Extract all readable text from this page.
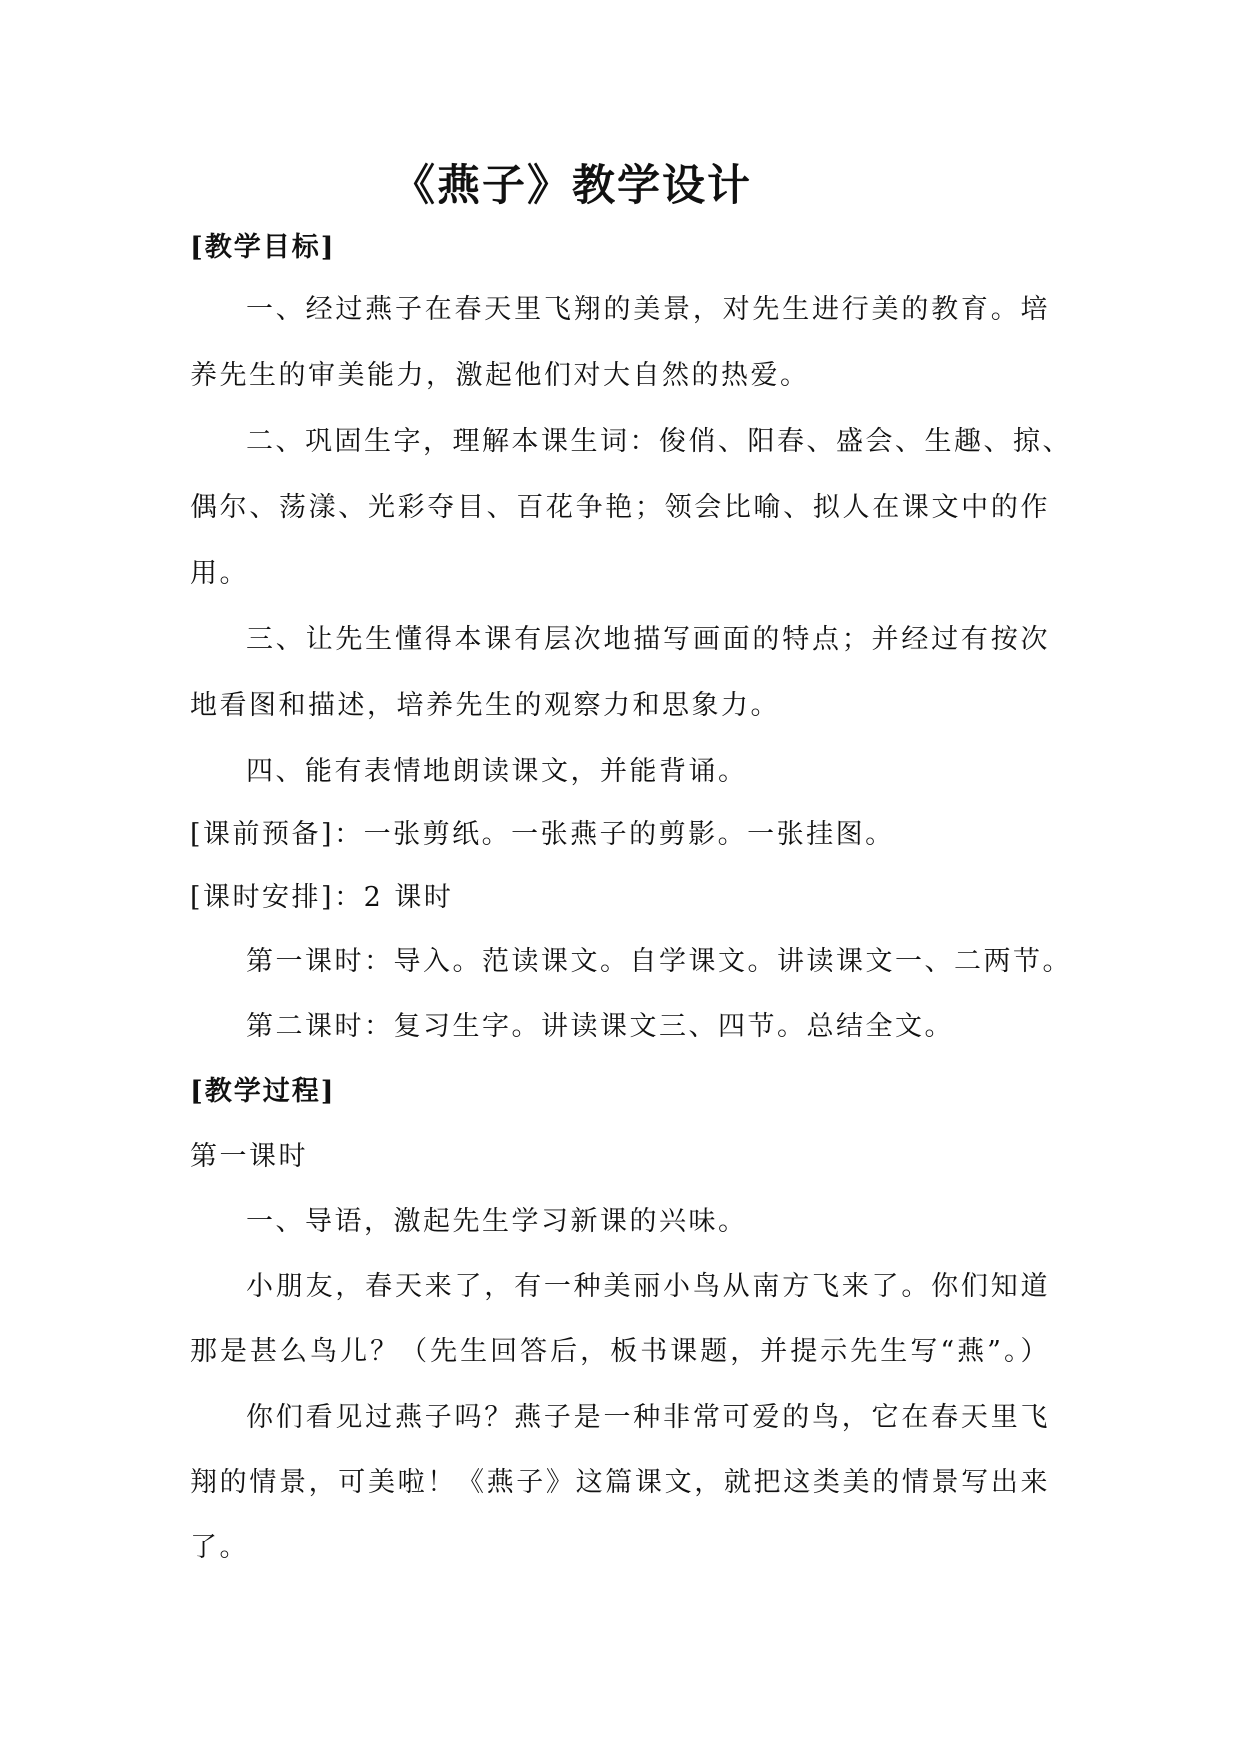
《燕子》教学设计
[教学目标]
一、经过燕子在春天里飞翔的美景，对先生进行美的教育。培
养先生的审美能力，激起他们对大自然的热爱。
二、巩固生字，理解本课生词：俊俏、阳春、盛会、生趣、掠、
偶尔、荡漾、光彩夺目、百花争艳；领会比喻、拟人在课文中的作
用。
三、让先生懂得本课有层次地描写画面的特点；并经过有按次
地看图和描述，培养先生的观察力和思象力。
四、能有表情地朗读课文，并能背诵。
[课前预备]：一张剪纸。一张燕子的剪影。一张挂图。
[课时安排]：2 课时
第一课时：导入。范读课文。自学课文。讲读课文一、二两节。
第二课时：复习生字。讲读课文三、四节。总结全文。
[教学过程]
第一课时
一、导语，激起先生学习新课的兴味。
小朋友，春天来了，有一种美丽小鸟从南方飞来了。你们知道
那是甚么鸟儿？（先生回答后，板书课题，并提示先生写“燕”。）
你们看见过燕子吗？燕子是一种非常可爱的鸟，它在春天里飞
翔的情景，可美啦！《燕子》这篇课文，就把这类美的情景写出来
了。
